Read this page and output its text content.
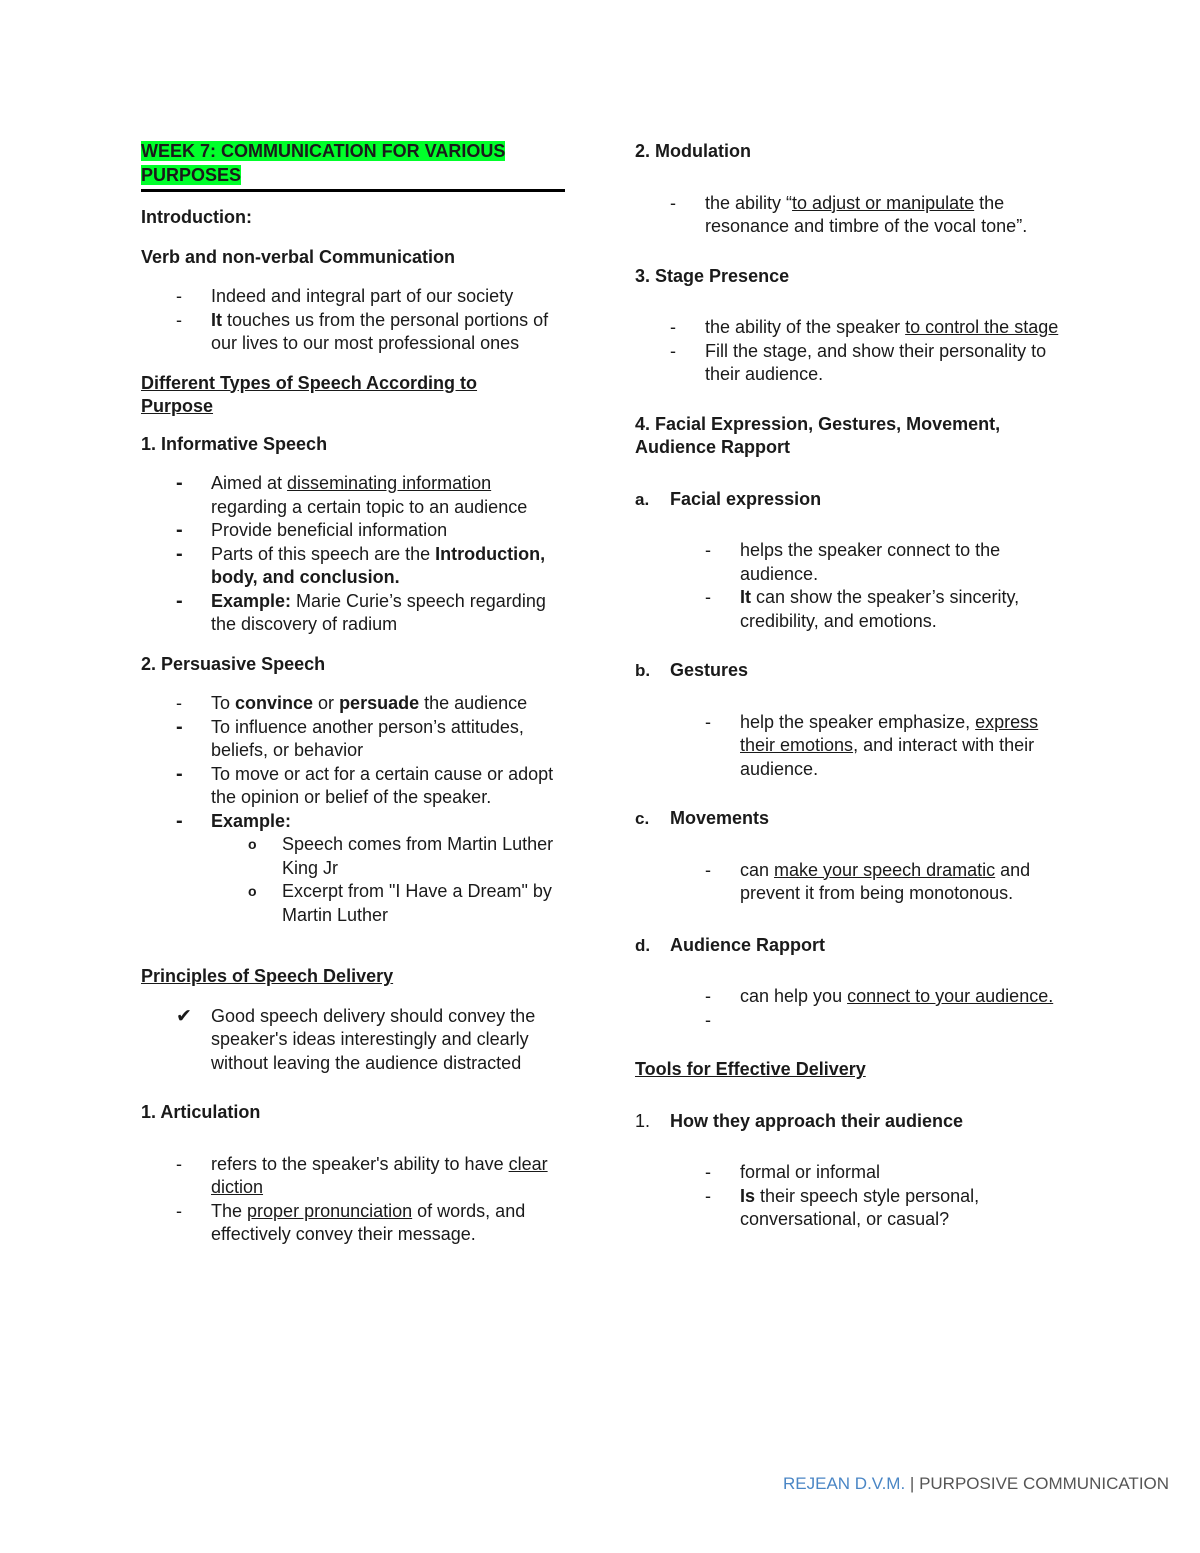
WEEK 7: COMMUNICATION FOR VARIOUS
PURPOSES
Introduction:
Verb and non-verbal Communication
-	Indeed and integral part of our society
-	It touches us from the personal portions of our lives to our most professional ones
Different Types of Speech According to Purpose
1. Informative Speech
-	Aimed at disseminating information regarding a certain topic to an audience
-	Provide beneficial information
-	Parts of this speech are the Introduction, body, and conclusion.
-	Example: Marie Curie’s speech regarding the discovery of radium
2. Persuasive Speech
-	To convince or persuade the audience
-	To influence another person’s attitudes, beliefs, or behavior
-	To move or act for a certain cause or adopt the opinion or belief of the speaker.
-	Example:
o	Speech comes from Martin Luther King Jr
o	Excerpt from "I Have a Dream" by Martin Luther
Principles of Speech Delivery
✔ Good speech delivery should convey the speaker's ideas interestingly and clearly without leaving the audience distracted
1. Articulation
-	refers to the speaker's ability to have clear diction
-	The proper pronunciation of words, and effectively convey their message.
2. Modulation
-	the ability “to adjust or manipulate the resonance and timbre of the vocal tone”.
3. Stage Presence
-	the ability of the speaker to control the stage
-	Fill the stage, and show their personality to their audience.
4. Facial Expression, Gestures, Movement, Audience Rapport
a.	Facial expression
-	helps the speaker connect to the audience.
-	It can show the speaker’s sincerity, credibility, and emotions.
b.	Gestures
-	help the speaker emphasize, express their emotions, and interact with their audience.
c.	Movements
-	can make your speech dramatic and prevent it from being monotonous.
d.	Audience Rapport
-	can help you connect to your audience.
-

Tools for Effective Delivery
1.	How they approach their audience
-	formal or informal
-	Is their speech style personal, conversational, or casual?
REJEAN D.V.M. | PURPOSIVE COMMUNICATION
